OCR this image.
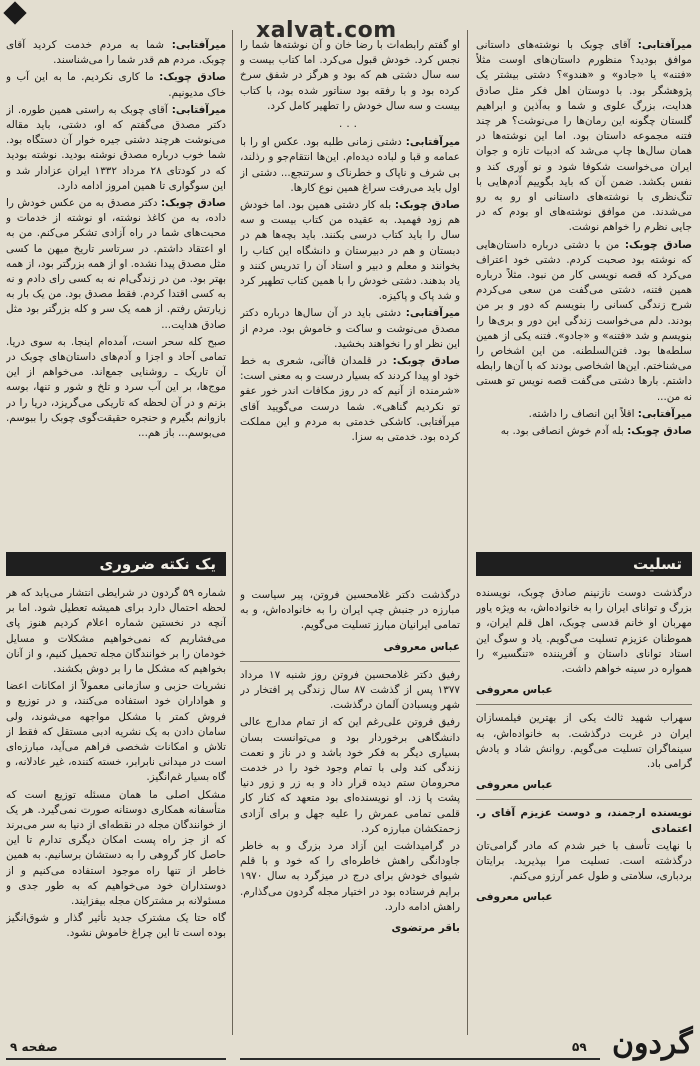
xalvat.com

میرآفتابی: آقای چوبک با نوشته‌های داستانی موافق بودید؟ منظورم داستان‌های اوست مثلاً «فتنه» یا «جادو» و «هندو»؟ دشتی بیشتر یک پژوهشگر بود. با دوستان اهل فکر مثل صادق هدایت، بزرگ علوی و شما و به‌آذین و ابراهیم گلستان چگونه این رمان‌ها را می‌نوشت؟ هر چند فتنه مجموعه داستان بود. اما این نوشته‌ها در همان سال‌ها چاپ می‌شد که ادبیات تازه و جوان ایران می‌خواست شکوفا شود و نو آوری کند و نفس بکشد. ضمن آن که باید بگوییم آدم‌هایی با تنگ‌نظری با نوشته‌های داستانی او رو به رو می‌شدند. من موافق نوشته‌های او بودم که در جایی نظرم را خواهم نوشت.

صادق چوبک: من با دشتی درباره داستان‌هایی که نوشته بود صحبت کردم. دشتی خود اعتراف می‌کرد که قصه نویسی کار من نبود. مثلاً درباره همین فتنه، دشتی می‌گفت من سعی می‌کردم شرح زندگی کسانی را بنویسم که دور و بر من بودند. دلم می‌خواست زندگی این دور و بری‌ها را بنویسم و شد «فتنه» و «جادو». فتنه یکی از همین سلطه‌ها بود. فتن‌السلطنه. من این اشخاص را می‌شناختم. این‌ها اشخاصی بودند که با آن‌ها رابطه داشتم. بارها دشتی می‌گفت قصه نویس تو هستی نه من...

میرآفتابی: اقلاً این انصاف را داشته.

صادق چوبک: بله آدم خوش انصافی بود. به

تسلیت

درگذشت دوست نازنینم صادق چوبک، نویسنده بزرگ و توانای ایران را به خانواده‌اش، به ویژه یاور مهربان او خانم قدسی چوبک، اهل قلم ایران، و هموطنان عزیزم تسلیت می‌گویم. یاد و سوگ این استاد توانای داستان و آفریننده «تنگسیر» را همواره در سینه خواهم داشت.

عباس معروفی

سهراب شهید ثالث یکی از بهترین فیلمسازان ایران در غربت درگذشت. به خانواده‌اش، به سینماگران تسلیت می‌گویم. روانش شاد و یادش گرامی باد.

عباس معروفی

نویسنده ارجمند، و دوست عزیزم آقای ر. اعتمادی

با نهایت تأسف با خبر شدم که مادر گرامی‌تان درگذشته است. تسلیت مرا بپذیرید. برایتان بردباری، سلامتی و طول عمر آرزو می‌کنم.

عباس معروفی

او گفتم رابطه‌ات با رضا خان و آن نوشته‌ها شما را نجس کرد. خودش قبول می‌کرد. اما کتاب بیست و سه سال دشتی هم که بود و هرگز در شفق سرخ کرده بود و با رفقه بود سناتور شده بود، با کتاب بیست و سه سال خودش را تطهیر کامل کرد.

...

میرآفتابی: دشتی زمانی طلبه بود. عکس او را با عمامه و قبا و لباده دیده‌ام. این‌ها انتقام‌جو و رذلند، بی شرف و ناپاک و خطرناک و سرتنجع... دشتی از اول باید می‌رفت سراغ همین نوع کارها.

صادق چوبک: بله کار دشتی همین بود. اما خودش هم زود فهمید. به عقیده من کتاب بیست و سه سال را باید کتاب درسی بکنند. باید بچه‌ها هم در دبستان و هم در دبیرستان و دانشگاه این کتاب را بخوانند و معلم و دبیر و استاد آن را تدریس کنند و یاد بدهند. دشتی خودش را با همین کتاب تطهیر کرد و شد پاک و پاکیزه.

میرآفتابی: دشتی باید در آن سال‌ها درباره دکتر مصدق می‌نوشت و ساکت و خاموش بود. مردم از این نظر او را نخواهند بخشید.

صادق چوبک: در قلمدان قاآنی، شعری به خط خود او پیدا کردند که بسیار درست و به معنی است: «شرمنده از آنیم که در روز مکافات اندر خور عفو تو نکردیم گناهی». شما درست می‌گویید آقای میرآفتابی. کاشکی خدمتی به مردم و این مملکت کرده بود. خدمتی به سزا.

درگذشت دکتر غلامحسین فروتن، پیر سیاست و مبارزه در جنبش چپ ایران را به خانواده‌اش، و به تمامی ایرانیان مبارز تسلیت می‌گویم.

عباس معروفی

رفیق دکتر غلامحسین فروتن روز شنبه ۱۷ مرداد ۱۳۷۷ پس از گذشت ۸۷ سال زندگی پر افتخار در شهر ویسبادن آلمان درگذشت.

رفیق فروتن علی‌رغم این که از تمام مدارج عالی دانشگاهی برخوردار بود و می‌توانست بسان بسیاری دیگر به فکر خود باشد و در ناز و نعمت زندگی کند ولی با تمام وجود خود را در خدمت محرومان ستم دیده قرار داد و به زر و زور دنیا پشت پا زد. او نویسنده‌ای بود متعهد که کنار کار قلمی تمامی عمرش را علیه جهل و برای آزادی زحمتکشان مبارزه کرد.

در گرامیداشت این آزاد مرد بزرگ و به خاطر جاودانگی راهش خاطره‌ای را که خود و با قلم شیوای خودش برای درج در میزگرد به سال ۱۹۷۰ برایم فرستاده بود در اختیار مجله گردون می‌گذارم. راهش ادامه دارد.

باقر مرتضوی

میرآفتابی: شما به مردم خدمت کردید آقای چوبک. مردم هم قدر شما را می‌شناسند.

صادق چوبک: ما کاری نکردیم. ما به این آب و خاک مدیونیم.

میرآفتابی: آقای چوبک به راستی همین طوره. از دکتر مصدق می‌گفتم که او، دشتی، باید مقاله می‌نوشت هرچند دشتی جیره خوار آن دستگاه بود. شما خوب درباره مصدق نوشته بودید. نوشته بودید که در کودتای ۲۸ مرداد ۱۳۳۲ ایران عزادار شد و این سوگواری تا همین امروز ادامه دارد.

صادق چوبک: دکتر مصدق به من عکس خودش را داده، به من کاغذ نوشته، او نوشته از خدمات و محبت‌های شما در راه آزادی تشکر می‌کنم. من به او اعتقاد داشتم. در سرتاسر تاریخ میهن ما کسی مثل مصدق پیدا نشده. او از همه بزرگتر بود، از همه بهتر بود. من در زندگی‌ام نه به کسی رای دادم و نه به کسی اقتدا کردم. فقط مصدق بود. من یک بار به زیارتش رفتم. از همه یک سر و کله بزرگتر بود مثل صادق هدایت...

صبح کله سحر است، آمده‌ام اینجا. به سوی دریا. تمامی آحاد و اجزا و آدم‌های داستان‌های چوبک در آن تاریک ـ روشنایی جمع‌اند. می‌خواهم از این موج‌ها، بر این آب سرد و تلخ و شور و تنها، بوسه بزنم و در آن لحظه که تاریکی می‌گریزد، دریا را در بازوانم بگیرم و حنجره حقیقت‌گوی چوبک را ببوسم. می‌بوسم... باز هم...

یک نکته ضروری

شماره ۵۹ گردون در شرایطی انتشار می‌یابد که هر لحظه احتمال دارد برای همیشه تعطیل شود. اما بر آنچه در نخستین شماره اعلام کردیم هنوز پای می‌فشاریم که نمی‌خواهیم مشکلات و مسایل خودمان را بر خوانندگان مجله تحمیل کنیم، و از آنان بخواهیم که مشکل ما را بر دوش بکشند.

نشریات حزبی و سازمانی معمولاً از امکانات اعضا و هواداران خود استفاده می‌کنند، و در توزیع و فروش کمتر با مشکل مواجهه می‌شوند، ولی سامان دادن به یک نشریه ادبی مستقل که فقط از تلاش و امکانات شخصی فراهم می‌آید، مبارزه‌ای است در میدانی نابرابر، خسته کننده، غیر عادلانه، و گاه بسیار غم‌انگیز.

مشکل اصلی ما همان مسئله توزیع است که متأسفانه همکاری دوستانه صورت نمی‌گیرد. هر یک از خوانندگان مجله در نقطه‌ای از دنیا به سر می‌برند که از جز راه پست امکان دیگری تدارم تا این حاصل کار گروهی را به دستشان برسانیم. به همین خاطر از تنها راه موجود استفاده می‌کنیم و از دوستداران خود می‌خواهیم که به طور جدی و مسئولانه بر مشترکان مجله بیفزایند.

گاه حتا یک مشترک جدید تأثیر گذار و شوق‌انگیز بوده است تا این چراغ خاموش نشود.

صفحه ۹	۵۹ گردون
